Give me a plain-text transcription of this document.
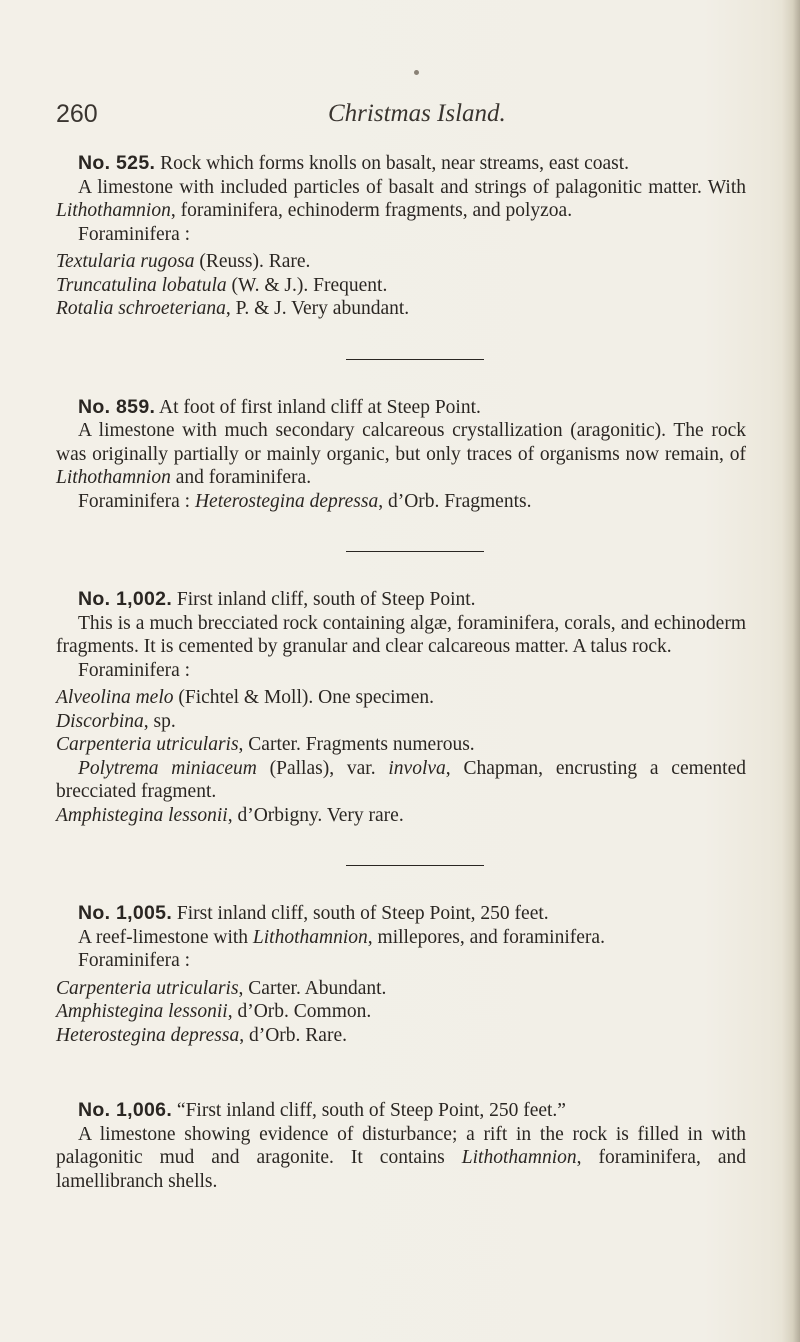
260	Christmas Island.

No. 525. Rock which forms knolls on basalt, near streams, east coast.

A limestone with included particles of basalt and strings of palagonitic matter. With Lithothamnion, foraminifera, echinoderm fragments, and polyzoa.

Foraminifera :

Textularia rugosa (Reuss). Rare.

Truncatulina lobatula (W. & J.). Frequent.

Rotalia schroeteriana, P. & J. Very abundant.

No. 859. At foot of first inland cliff at Steep Point.

A limestone with much secondary calcareous crystallization (aragonitic). The rock was originally partially or mainly organic, but only traces of organisms now remain, of Lithothamnion and foraminifera.

Foraminifera : Heterostegina depressa, d’Orb. Fragments.

No. 1,002. First inland cliff, south of Steep Point.

This is a much brecciated rock containing algæ, foraminifera, corals, and echinoderm fragments. It is cemented by granular and clear calcareous matter. A talus rock.

Foraminifera :

Alveolina melo (Fichtel & Moll). One specimen.

Discorbina, sp.

Carpenteria utricularis, Carter. Fragments numerous.

Polytrema miniaceum (Pallas), var. involva, Chapman, encrusting a cemented brecciated fragment.

Amphistegina lessonii, d’Orbigny. Very rare.

No. 1,005. First inland cliff, south of Steep Point, 250 feet.

A reef-limestone with Lithothamnion, millepores, and foraminifera.

Foraminifera :

Carpenteria utricularis, Carter. Abundant.

Amphistegina lessonii, d’Orb. Common.

Heterostegina depressa, d’Orb. Rare.

No. 1,006. “First inland cliff, south of Steep Point, 250 feet.”

A limestone showing evidence of disturbance; a rift in the rock is filled in with palagonitic mud and aragonite. It contains Lithothamnion, foraminifera, and lamellibranch shells.
